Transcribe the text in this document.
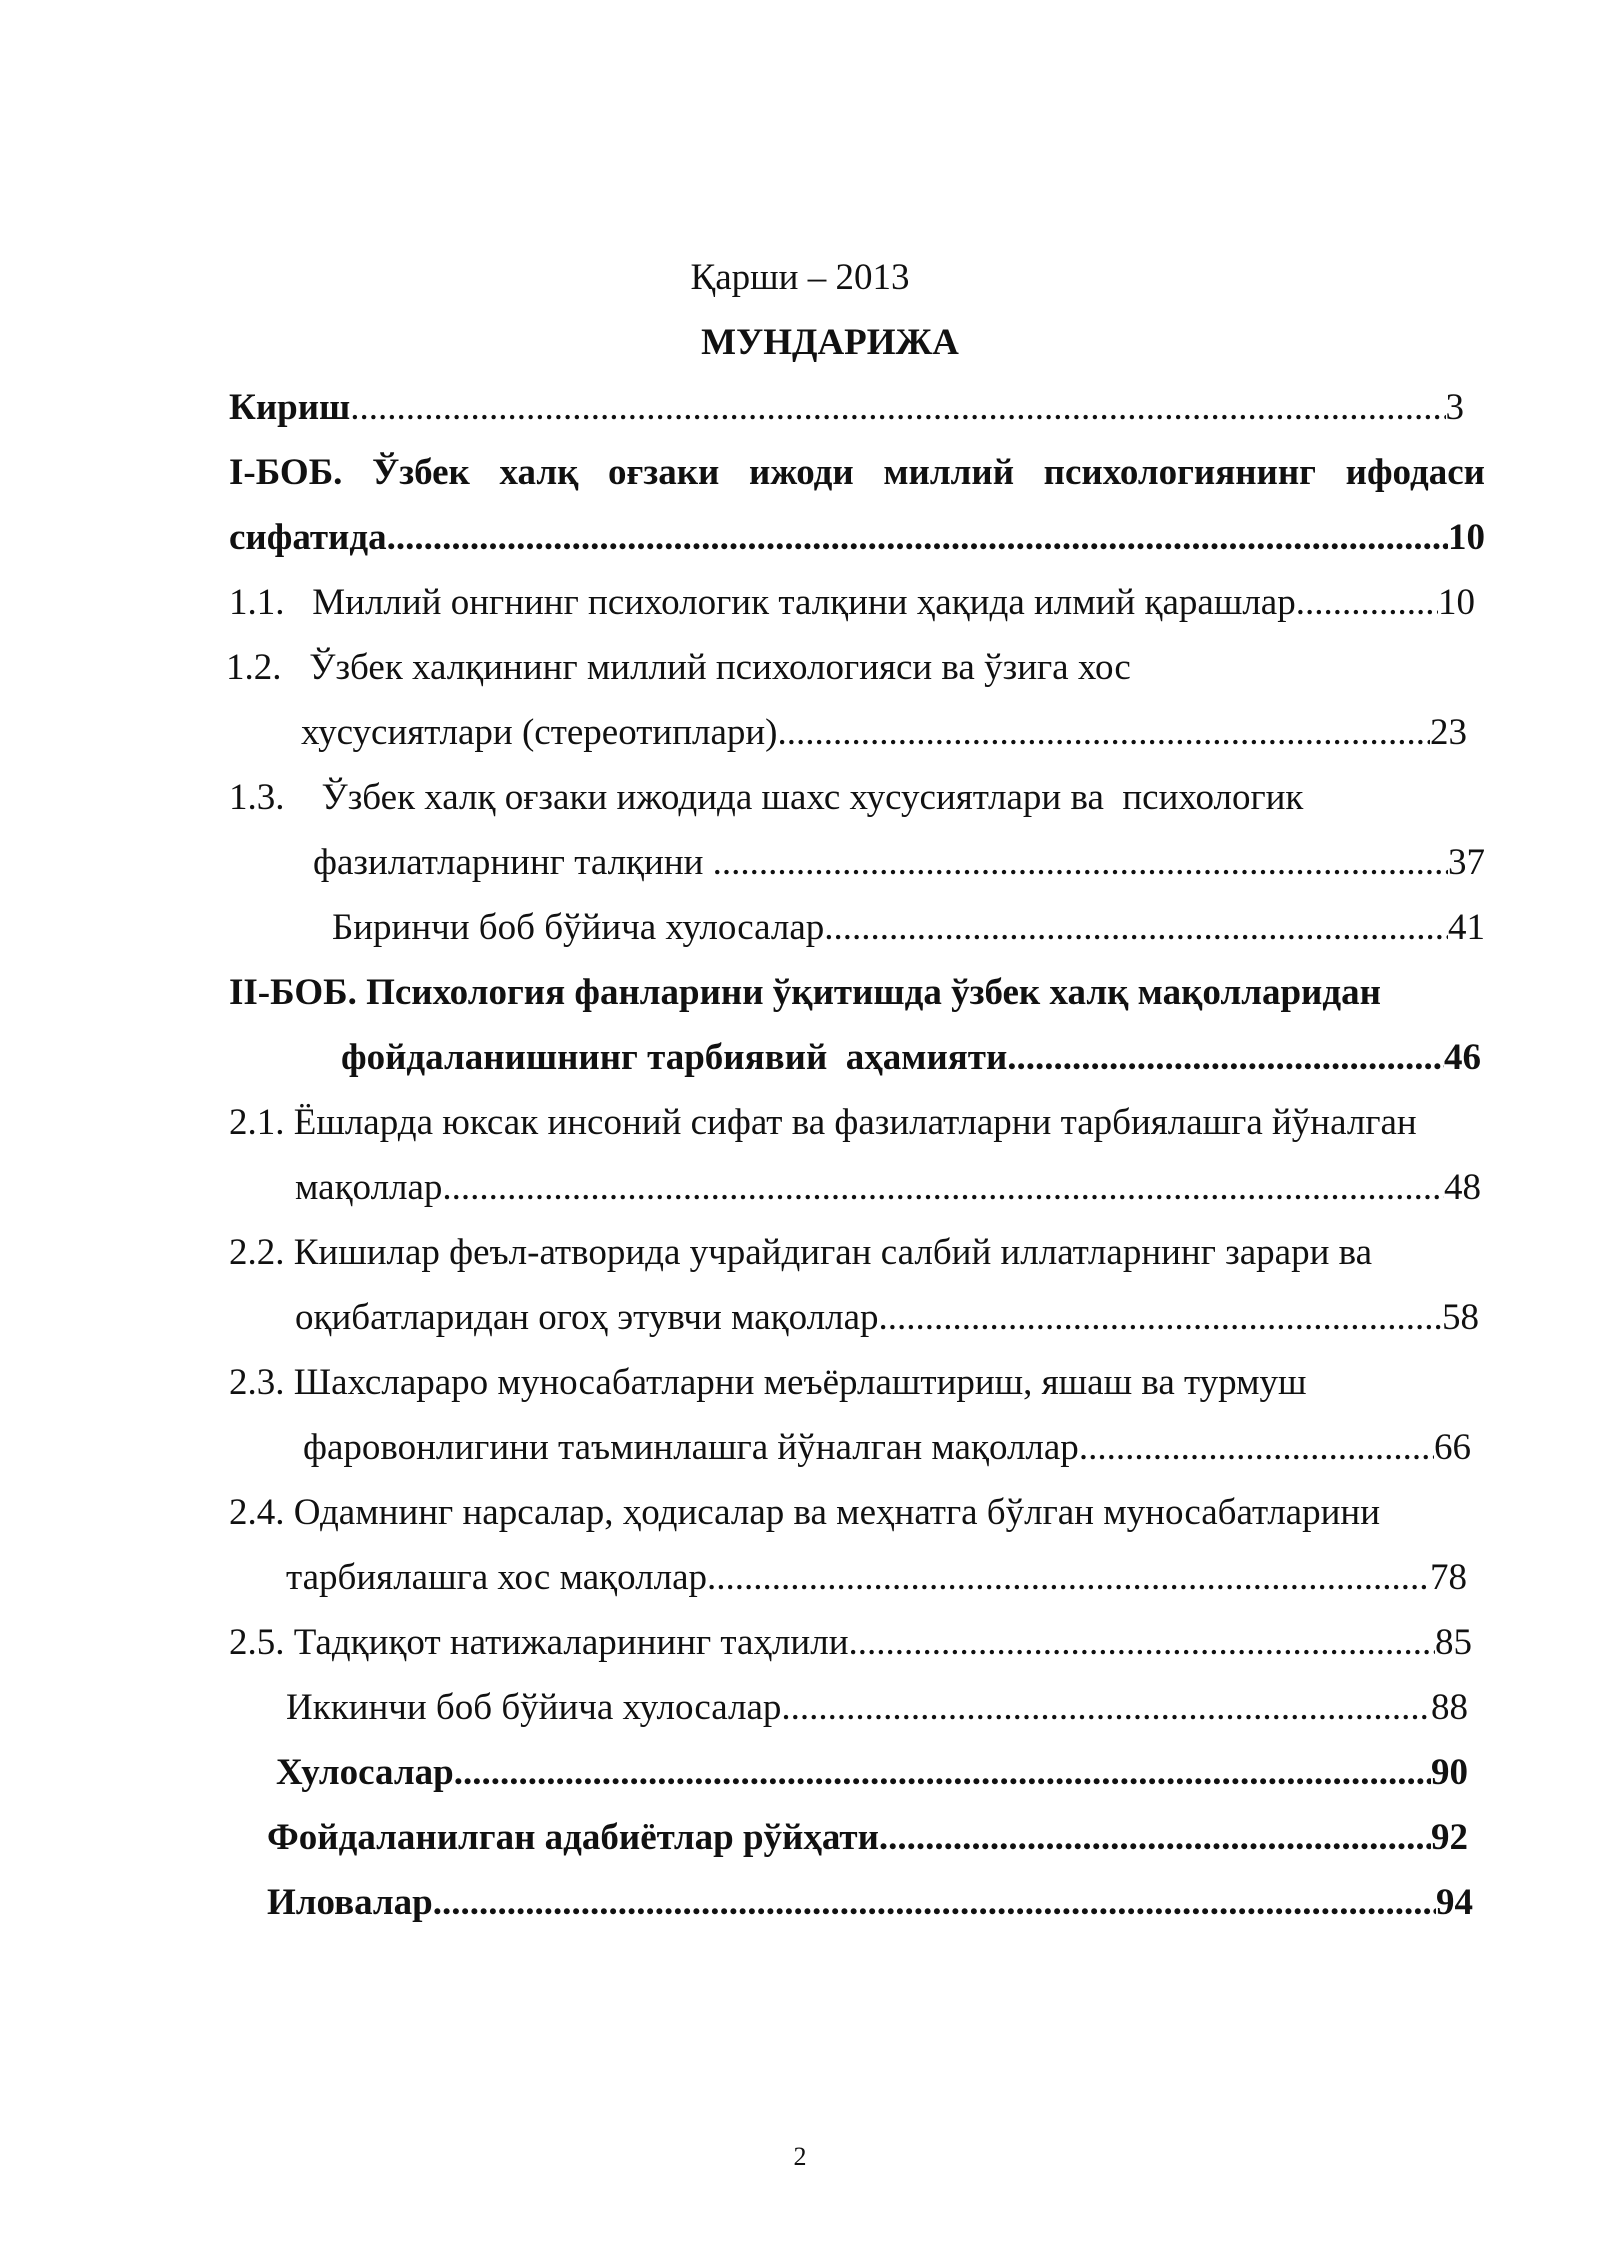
Қарши – 2013
МУНДАРИЖА
Кириш .....	3
I-БОБ. Ўзбек халқ оғзаки ижоди миллий психологиянинг ифодаси
сифатида .....	10
1.1.   Миллий онгнинг психологик талқини ҳақида илмий қарашлар .....	10
1.2.   Ўзбек халқининг миллий психологияси ва ўзига хос
хусусиятлари (стереотиплари) .....	23
1.3.    Ўзбек халқ оғзаки ижодида шахс хусусиятлари ва  психологик
фазилатларнинг талқини .....	37
Биринчи боб бўйича хулосалар .....	41
II-БОБ. Психология фанларини ўқитишда ўзбек халқ мақолларидан
фойдаланишнинг тарбиявий  аҳамияти .....	46
2.1. Ёшларда юксак инсоний сифат ва фазилатларни тарбиялашга йўналган
мақоллар .....	48
2.2. Кишилар феъл-атворида учрайдиган салбий иллатларнинг зарари ва
оқибатларидан огоҳ этувчи мақоллар .....	58
2.3. Шахслараро муносабатларни меъёрлаштириш, яшаш ва турмуш
фаровонлигини таъминлашга йўналган мақоллар .....	66
2.4. Одамнинг нарсалар, ҳодисалар ва меҳнатга бўлган муносабатларини
тарбиялашга хос мақоллар .....	78
2.5. Тадқиқот натижаларининг таҳлили .....	85
Иккинчи боб бўйича хулосалар .....	88
Хулосалар .....	90
Фойдаланилган адабиётлар рўйҳати .....	92
Иловалар .....	94
2
